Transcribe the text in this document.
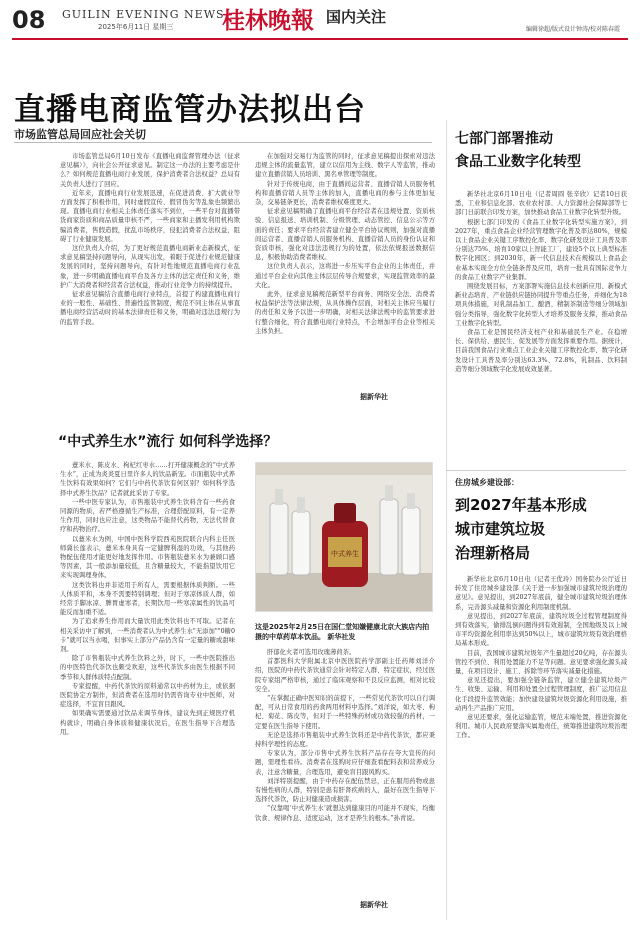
08 GUILIN EVENING NEWS
2025年6月11日 星期三 桂林晚報 国内关注
编辑徐超/版式设计钟涛/校对陈春霞
直播电商监管办法拟出台
市场监管总局回应社会关切

市场监管总局6月10日发布《直播电商监督管理办法（征求意见稿）》，向社会公开征求意见。制定这一办法的主要考虑是什么？如何规范直播电商行业发展，保护消费者合法权益？总局有关负责人进行了回应。

近年来，直播电商行业发展迅速，在促进消费、扩大就业等方面发挥了积极作用，同时虚假宣传、假冒伪劣等乱象也频繁出现。直播电商行业相关主体责任落实不到位，一些平台对直播带货商家资质和商品质量审核不严，一些商家和主播发利用机构欺骗消费者，售假造假，扰乱市场秩序，侵犯消费者合法权益，阻碍了行业健康发展。

这位负责人介绍，为了更好规范直播电商新业态新模式，征求意见稿坚持问题导向，从现实出发，着眼于促进行业规范健康发展的同时，坚持问题导向，有针对性地规范直播电商行业乱象，进一步明确直播电商平台及各方主体的法定责任和义务，维护广大消费者和经营者合法权益，推动行业竞争力的持续提升。

征求意见稿结合直播电商行业特点，首提了构建直播电商行业的一般性、基础性、普遍性监管制度，规范不同主体在从事直播电商经营活动时的基本法律责任和义务，明确对违法违规行为的监管手段。

在加强对交易行为监管的同时，征求意见稿提出探索对违法违规主体的流量监管，建立以信用为主线、数字人等监管，推动建立直播营销人员培训、黑名单管理等制度。

针对于传统电商，由于直播间运营者、直播营销人员服务机构和直播营销人员等主体的加入，直播电商的参与主体更加复杂，交易链条更长，消费者维权难度更大。

征求意见稿明确了直播电商平台经营者在违规处置、资质核验、信息报送、培训机制、分级管理、动态管控、信息公示等方面的责任；要求平台经营者建立健全平台协议规则，加强对直播间运营者、直播营销人员服务机构、直播营销人员的身份认证和资质审核，强化对违法违规行为的处置，依法依规报送数据信息，积极协助消费者维权。

这位负责人表示，这将进一步压实平台企业的主体责任，并通过平台企业向其他主体层层传导合规要求，实现监管效率的最大化。

此外，征求意见稿规范新型平台商务、网络安全法、消费者权益保护法等法律法规，从具体操作层面，对相关主体应当履行的责任和义务予以进一步明确，对相关法律法规中的监管要求进行整合细化，符合直播电商行业特点，不会增加平台企业等相关主体负担。

据新华社
“中式养生水”流行 如何科学选择？

薏米水、陈皮水、枸杞红枣水……打开健康概念的“中式养生水”，正成为炎炎夏日里许多人的饮品新宠。市面瓶装中式养生饮料有效果如何？它们与中药代茶饮有何区别？如何科学选择中式养生饮品？记者就此采访了专家。

一些中医专家认为，市售瓶装中式养生饮料含有一些药食同源的物质，若严格遵循生产标准，合理搭配原料，有一定养生作用，同时也应注意，这类物品不能替代药物，无法代替食疗和药物治疗。

以薏米水为例，中国中医科学院西苑医院联合内科主任医师冀长莲表示，薏米本身具有一定健脾利湿的功效，与其他药物配伍使用才能更好地发挥作用。市售瓶装薏米水为兼顾口感等因素，其一般添加量较低，且含糖量较大，不能指望饮用它来实现调理身体。

这类饮料也并非适用于所有人，需要根据体质判断。一些人体质平和，本身不需要特别调理；但对于寒凉体质人群，如经常手脚冰凉、脾胃虚寒者，长期饮用一些寒凉属性的饮品可能反而加重不适。

为了追求养生作用而大量饮用此类饮料也不可取。记者在相关采访中了解到，一些消费者认为中式养生水"无添加""0糖0卡"就可以当水喝，但事实上部分产品仍含有一定量的糖或甜味剂。

除了市售瓶装中式养生饮料之外，时下，一些中医院推出的中医特色代茶饮也颇受欢迎，这些代茶饮多由医生根据不同季节和人群体质特点配制。

专家提醒，中药代茶饮的原料通常以中药材为主，或依据医院协定方制作，但消费者在选用时仍需咨询专业中医师，对症选择，不宜盲目跟风。

如果确实需要通过饮品来调节身体，建议先到正规医疗机构就诊，明确自身体质和健康状况后，在医生指导下合理选用。

中式养生
这是2025年2月25日在国仁堂知嫌健康北京大族店内拍摄的中草药草本饮品。 新华社发

肝郁化火者可选用玫瑰薄荷茶。

首都医科大学附属北京中医医院药学部副主任药师刘洋介绍，医院的中药代茶饮通常会针对特定人群、特定症状，经过医院专家组严格审核，通过了临床观察和不良反应监测，相对比较安全。

“在掌握正确中医知识的前提下，一些常见代茶饮可以自行调配，可从日常食用的药食两用材料中选择。”刘洋说，如大枣、枸杞、菊花、陈皮等，但对于一些特殊药材或功效较强的药材，一定要在医生指导下使用。

无论是选择市售瓶装中式养生饮料还是中药代茶饮，都应秉持科学理性的态度。

专家认为，部分市售中式养生饮料产品存在夸大宣传的问题，需理性看待。消费者在选购时应仔细查看配料表和营养成分表，注意含糖量，合理选用，避免盲目跟风购买。

刘洋特别提醒，由于中药存在配伍禁忌，正在服用药物或患有慢性病的人群，特别是患有肝肾疾病的人，最好在医生指导下选择代茶饮，防止对健康造成损害。

“仅靠喝‘中式养生水’就想达到健康目的可能并不现实，均衡饮食、规律作息、适度运动，这才是养生的根本。”孙青说。

据新华社
七部门部署推动
食品工业数字化转型

新华社北京6月10日电（记者周圆 张辛欣）记者10日获悉，工业和信息化部、农业农村部、人力资源社会保障部等七部门日前联合印发方案，加快推动食品工业数字化转型升级。

根据七部门印发的《食品工业数字化转型实施方案》，到2027年，重点食品企业经营管理数字化普及率达80%，规模以上食品企业关键工序数控化率、数字化研发设计工具普及率分别达75%、培育10家以上智能工厂，建设5个以上典型标准数字化园区；到2030年，新一代信息技术在规模以上食品企业基本实现全方位全链条普及应用，培育一批具有国际竞争力的食品工业数字产业集群。

围绕发展目标，方案部署实施信息技术创新应用、新模式新业态培育、产业链供应链协同提升等重点任务，并细化为18项具体措施，对乳制品加工、酿酒、精制茶制造等细分领域加强分类指导，强化数字化转型人才培养及服务支撑，推动食品工业数字化转型。

食品工业是国民经济支柱产业和基础民生产业。在稳增长、保供给、惠民生、促发展等方面发挥重要作用。据统计，目前我国食品行业重点工业企业关键工序数控化率、数字化研发设计工具普及率分别达63.3%、72.8%，乳制品、饮料制造等细分领域数字化发展成效显著。

住房城乡建设部：
到2027年基本形成
城市建筑垃圾
治理新格局

新华社北京6月10日电（记者王优玲）国务院办公厅近日转发了住房城乡建设部《关于进一步加强城市建筑垃圾治理的意见》。意见提出，到2027年底前，健全城市建筑垃圾治理体系，完善源头减量和资源化利用制度机制。

意见提出，到2027年底前，建筑垃圾全过程管理制度得到有效落实，偷排乱倒问题得到有效遏制，全国地级及以上城市平均资源化利用率达到50%以上，城市建筑垃圾有效治理格局基本形成。

目前，我国城市建筑垃圾年产生量超过20亿吨，存在源头管控不到位、利用处置能力不足等问题。意见要求强化源头减量，在项目设计、施工、拆除等环节落实减量化措施。

意见还提出，要加强全链条监管，建立健全建筑垃圾产生、收集、运输、利用和处置全过程管理制度，推广运用信息化手段提升监管效能；加快建设建筑垃圾资源化利用设施，推动再生产品推广应用。

意见还要求，强化运输监管，规范末端处置，推进资源化利用。城市人民政府要落实属地责任，统筹推进建筑垃圾治理工作。
